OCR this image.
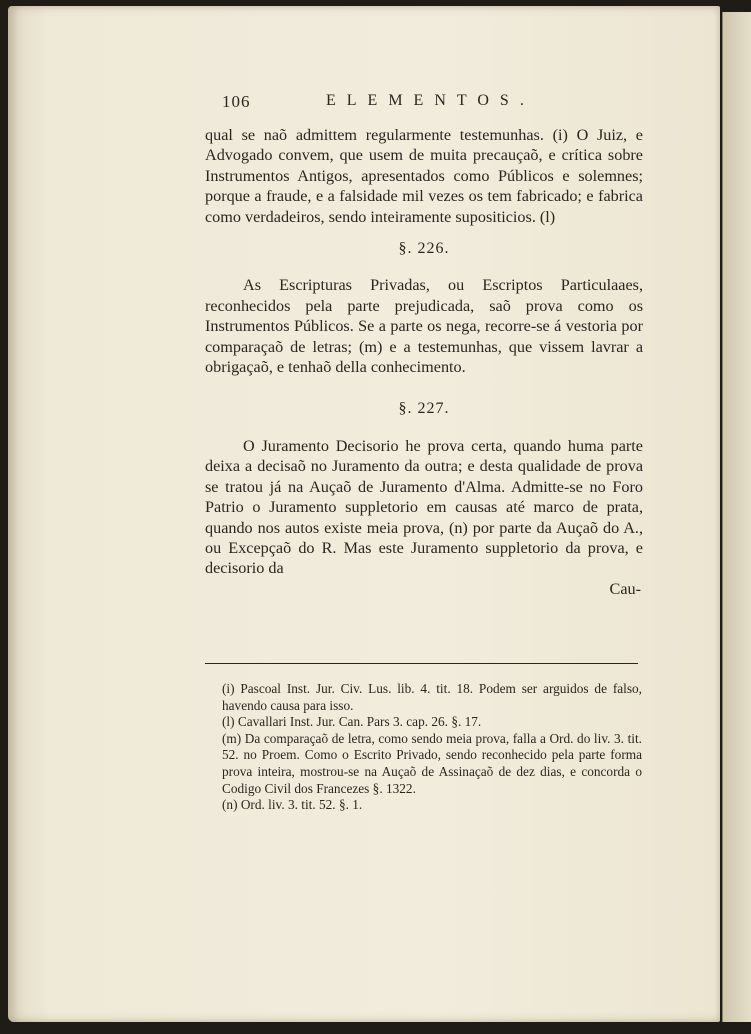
106	ELEMENTOS.

qual se naõ admittem regularmente testemunhas. (i) O Juiz, e Advogado convem, que usem de muita precauçaõ, e crítica sobre Instrumentos Antigos, apresentados como Públicos e solemnes; porque a fraude, e a falsidade mil vezes os tem fabricado; e fabrica como verdadeiros, sendo inteiramente supositicios. (l)

§. 226.

As Escripturas Privadas, ou Escriptos Particulaaes, reconhecidos pela parte prejudicada, saõ prova como os Instrumentos Públicos. Se a parte os nega, recorre-se á vestoria por comparaçaõ de letras; (m) e a testemunhas, que vissem lavrar a obrigaçaõ, e tenhaõ della conhecimento.

§. 227.

O Juramento Decisorio he prova certa, quando huma parte deixa a decisaõ no Juramento da outra; e desta qualidade de prova se tratou já na Auçaõ de Juramento d'Alma. Admitte-se no Foro Patrio o Juramento suppletorio em causas até marco de prata, quando nos autos existe meia prova, (n) por parte da Auçaõ do A., ou Excepçaõ do R. Mas este Juramento suppletorio da prova, e decisorio da

Cau-

(i) Pascoal Inst. Jur. Civ. Lus. lib. 4. tit. 18. Podem ser arguidos de falso, havendo causa para isso.

(l) Cavallari Inst. Jur. Can. Pars 3. cap. 26. §. 17.

(m) Da comparaçaõ de letra, como sendo meia prova, falla a Ord. do liv. 3. tit. 52. no Proem. Como o Escrito Privado, sendo reconhecido pela parte forma prova inteira, mostrou-se na Auçaõ de Assinaçaõ de dez dias, e concorda o Codigo Civil dos Francezes §. 1322.

(n) Ord. liv. 3. tit. 52. §. 1.
